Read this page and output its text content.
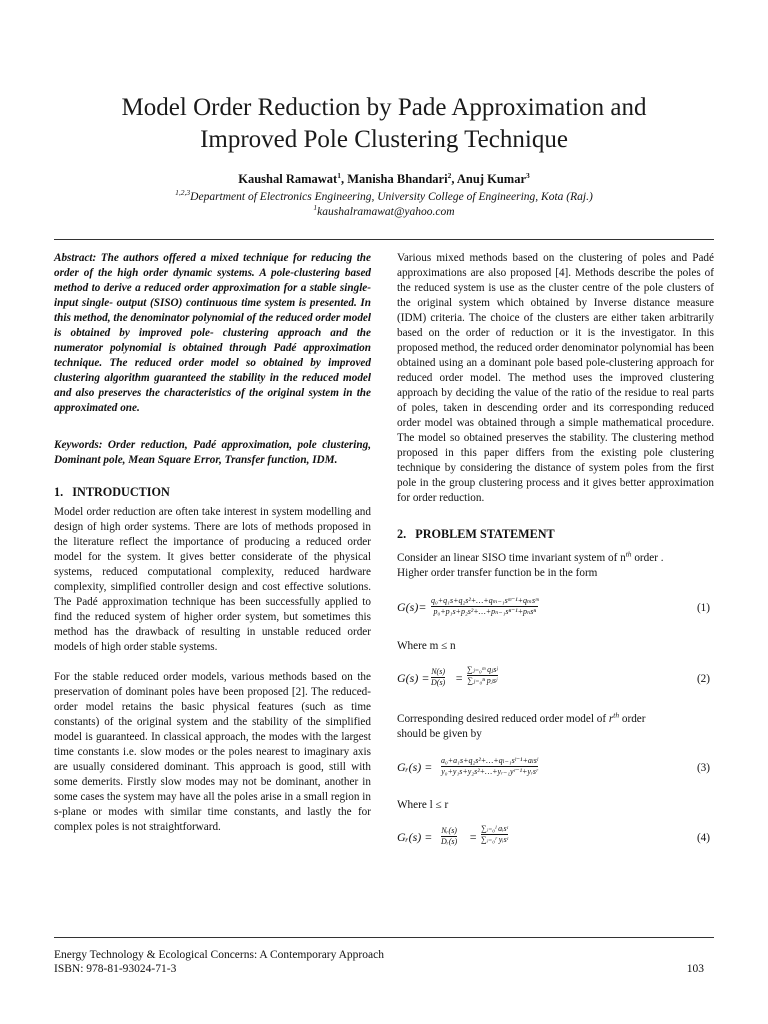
Model Order Reduction by Pade Approximation and
Improved Pole Clustering Technique
Kaushal Ramawat$^1$, Manisha Bhandari$^2$, Anuj Kumar$^3$
$^{1,2,3}$Department of Electronics Engineering, University College of Engineering, Kota (Raj.)
$^1$kaushalramawat@yahoo.com

Abstract: The authors offered a mixed technique for reducing the order of the high order dynamic systems. A pole-clustering based method to derive a reduced order approximation for a stable single-input single- output (SISO) continuous time system is presented. In this method, the denominator polynomial of the reduced order model is obtained by improved pole- clustering approach and the numerator polynomial is obtained through Padé approximation technique. The reduced order model so obtained by improved clustering algorithm guaranteed the stability in the reduced model and also preserves the characteristics of the original system in the approximated one.

Keywords: Order reduction, Padé approximation, pole clustering, Dominant pole, Mean Square Error, Transfer function, IDM.

1.   INTRODUCTION

Model order reduction are often take interest in system modelling and design of high order systems. There are lots of methods proposed in the literature reflect the importance of producing a reduced order model for the system. It gives better considerate of the physical systems, reduced computational complexity, reduced hardware complexity, simplified controller design and cost effective solutions. The Padé approximation technique has been successfully applied to find the reduced system of higher order system, but sometimes this method has the drawback of resulting in unstable reduced order models of high order stable systems.

For the stable reduced order models, various methods based on the preservation of dominant poles have been proposed [2]. The reduced-order model retains the basic physical features (such as time constants) of the original system and the stability of the simplified model is guaranteed. In classical approach, the modes with the largest time constants i.e. slow modes or the poles nearest to imaginary axis are usually considered dominant. This approach is good, still with some demerits. Firstly slow modes may not be dominant, another in some cases the system may have all the poles arise in a small region in s-plane or modes with similar time constants, and lastly the for complex poles is not straightforward.

Various mixed methods based on the clustering of poles and Padé approximations are also proposed [4]. Methods describe the poles of the reduced system is use as the cluster centre of the pole clusters of the original system which obtained by Inverse distance measure (IDM) criteria. The choice of the clusters are either taken arbitrarily based on the order of reduction or it is the investigator. In this proposed method, the reduced order denominator polynomial has been obtained using an a dominant pole based pole-clustering approach for reduced order model. The method uses the improved clustering approach by deciding the value of the ratio of the residue to real parts of poles, taken in descending order and its corresponding reduced order model was obtained through a simple mathematical procedure. The model so obtained preserves the stability. The clustering method proposed in this paper differs from the existing pole clustering technique by considering the distance of system poles from the first pole in the group clustering process and it gives better approximation for order reduction.

2.   PROBLEM STATEMENT

Consider an linear SISO time invariant system of $n^{th}$ order .
Higher order transfer function be in the form

G(s)= q₀+q₁s+q₂s²+…+qₘ₋₁sᵐ⁻¹+qₘsᵐ
p₀+p₁s+p₂s²+…+pₙ₋₁sⁿ⁻¹+pₙsⁿ	(1)

Where m ≤ n

G(s) = N(s)
D(s) =
∑ⱼ₌₀ᵐ qⱼsʲ
∑ⱼ₌₀ⁿ pⱼsʲ	(2)

Corresponding desired reduced order model of $r^{th}$ order
should be given by

Gᵣ(s) = a₀+a₁s+q₂s²+…+qₗ₋₁sˡ⁻¹+aₗsˡ
y₀+y₁s+y₂s²+…+yᵣ₋₁yʳ⁻¹+yᵣsʳ	(3)

Where l ≤ r

Gᵣ(s) = Nᵣ(s)
Dᵣ(s) =
∑ᵢ₌₀ˡ aᵢsᶦ
∑ᵢ₌₀ʳ yᵢsᶦ	(4)
Energy Technology & Ecological Concerns: A Contemporary Approach
ISBN: 978-81-93024-71-3	103
